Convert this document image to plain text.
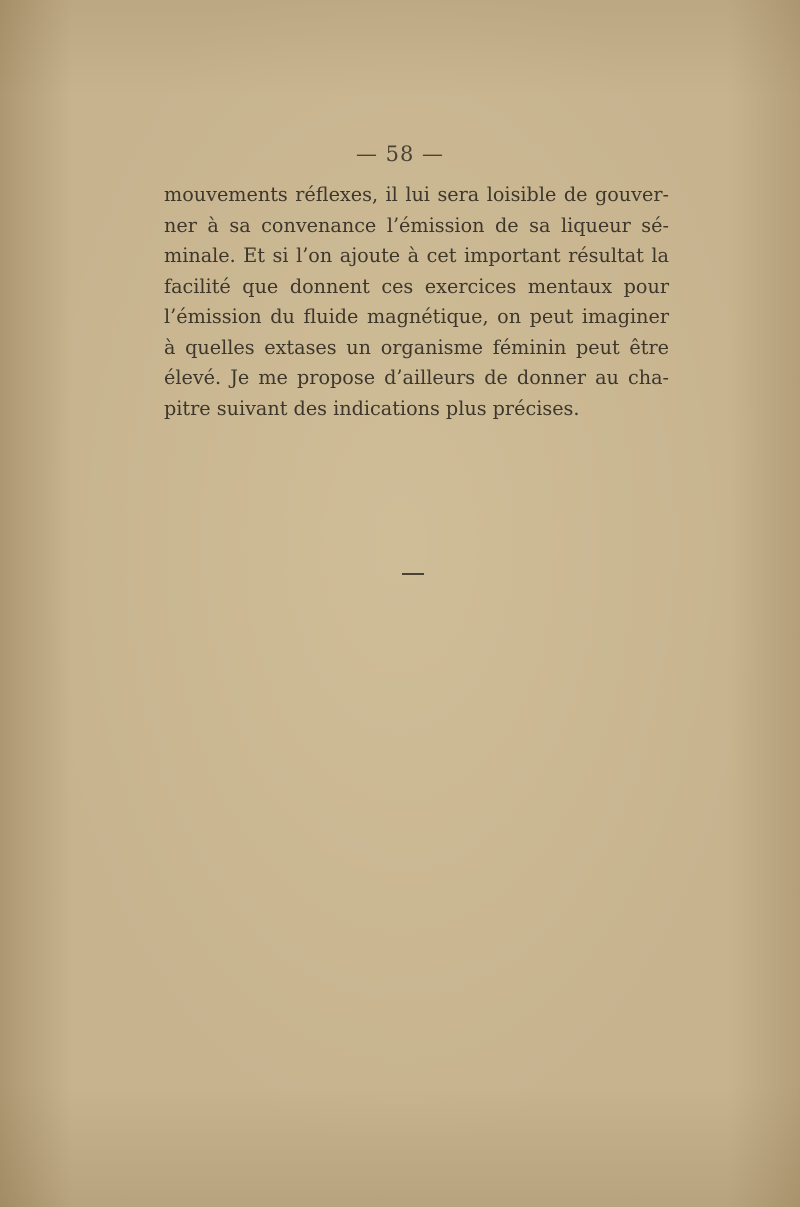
— 58 —

mouvements réflexes, il lui sera loisible de gouver-
ner à sa convenance l’émission de sa liqueur sé-
minale. Et si l’on ajoute à cet important résultat la
facilité que donnent ces exercices mentaux pour
l’émission du fluide magnétique, on peut imaginer
à quelles extases un organisme féminin peut être
élevé. Je me propose d’ailleurs de donner au cha-
pitre suivant des indications plus précises.
